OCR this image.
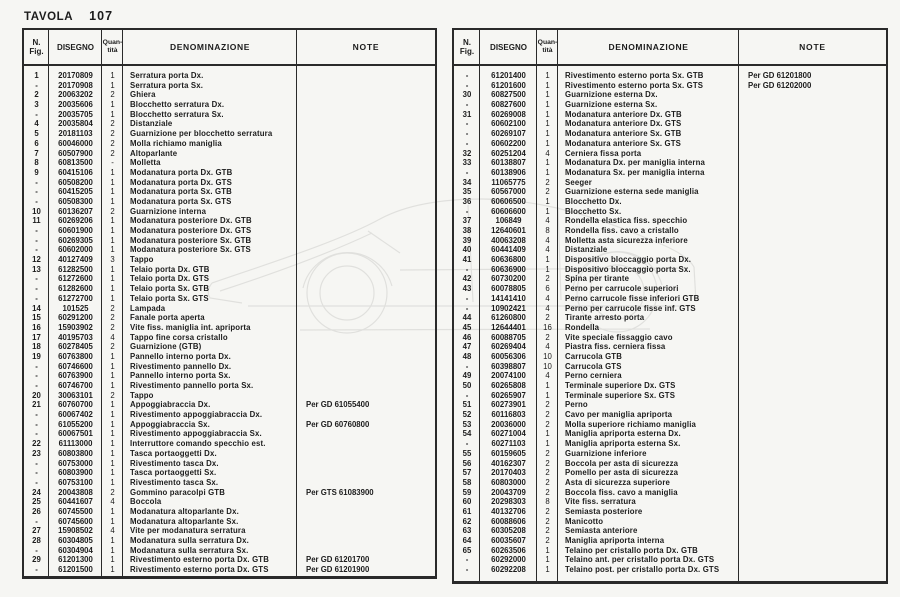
TAVOLA 107
N.
Fig.	DISEGNO	Quan-
tità	DENOMINAZIONE	NOTE
1	20170809	1	Serratura porta Dx.
-	20170908	1	Serratura porta Sx.
2	20063202	2	Ghiera
3	20035606	1	Blocchetto serratura Dx.
-	20035705	1	Blocchetto serratura Sx.
4	20035804	2	Distanziale
5	20181103	2	Guarnizione per blocchetto serratura
6	60046000	2	Molla richiamo maniglia
7	60507900	2	Altoparlante
8	60813500	-	Molletta
9	60415106	1	Modanatura porta Dx. GTB
-	60508200	1	Modanatura porta Dx. GTS
-	60415205	1	Modanatura porta Sx. GTB
-	60508300	1	Modanatura porta Sx. GTS
10	60136207	2	Guarnizione interna
11	60269206	1	Modanatura posteriore Dx. GTB
-	60601900	1	Modanatura posteriore Dx. GTS
-	60269305	1	Modanatura posteriore Sx. GTB
-	60602000	1	Modanatura posteriore Sx. GTS
12	40127409	3	Tappo
13	61282500	1	Telaio porta Dx. GTB
-	61272600	1	Telaio porta Dx. GTS
-	61282600	1	Telaio porta Sx. GTB
-	61272700	1	Telaio porta Sx. GTS
14	101525	2	Lampada
15	60291200	2	Fanale porta aperta
16	15903902	2	Vite fiss. maniglia int. apriporta
17	40195703	4	Tappo fine corsa cristallo
18	60278405	2	Guarnizione (GTB)
19	60763800	1	Pannello interno porta Dx.
-	60746600	1	Rivestimento pannello Dx.
-	60763900	1	Pannello interno porta Sx.
-	60746700	1	Rivestimento pannello porta Sx.
20	30063101	2	Tappo
21	60760700	1	Appoggiabraccia Dx.	Per GD 61055400
-	60067402	1	Rivestimento appoggiabraccia Dx.
-	61055200	1	Appoggiabraccia Sx.	Per GD 60760800
-	60067501	1	Rivestimento appoggiabraccia Sx.
22	61113000	1	Interruttore comando specchio est.
23	60803800	1	Tasca portaoggetti Dx.
-	60753000	1	Rivestimento tasca Dx.
-	60803900	1	Tasca portaoggetti Sx.
-	60753100	1	Rivestimento tasca Sx.
24	20043808	2	Gommino paracolpi GTB	Per GTS 61083900
25	60441607	4	Boccola
26	60745500	1	Modanatura altoparlante Dx.
-	60745600	1	Modanatura altoparlante Sx.
27	15908502	4	Vite per modanatura serratura
28	60304805	1	Modanatura sulla serratura Dx.
-	60304904	1	Modanatura sulla serratura Sx.
29	61201300	1	Rivestimento esterno porta Dx. GTB	Per GD 61201700
-	61201500	1	Rivestimento esterno porta Dx. GTS	Per GD 61201900
N.
Fig.	DISEGNO	Quan-
tità	DENOMINAZIONE	NOTE
-	61201400	1	Rivestimento esterno porta Sx. GTB	Per GD 61201800
-	61201600	1	Rivestimento esterno porta Sx. GTS	Per GD 61202000
30	60827500	1	Guarnizione esterna Dx.
-	60827600	1	Guarnizione esterna Sx.
31	60269008	1	Modanatura anteriore Dx. GTB
-	60602100	1	Modanatura anteriore Dx. GTS
-	60269107	1	Modanatura anteriore Sx. GTB
-	60602200	1	Modanatura anteriore Sx. GTS
32	60251204	4	Cerniera fissa porta
33	60138807	1	Modanatura Dx. per maniglia interna
-	60138906	1	Modanatura Sx. per maniglia interna
34	11065775	2	Seeger
35	60567000	2	Guarnizione esterna sede maniglia
36	60606500	1	Blocchetto Dx.
-	60606600	1	Blocchetto Sx.
37	106849	4	Rondella elastica fiss. specchio
38	12640601	8	Rondella fiss. cavo a cristallo
39	40063208	4	Molletta asta sicurezza inferiore
40	60441409	4	Distanziale
41	60636800	1	Dispositivo bloccaggio porta Dx.
-	60636900	1	Dispositivo bloccaggio porta Sx.
42	60730200	2	Spina per tirante
43	60078805	6	Perno per carrucole superiori
-	14141410	4	Perno carrucole fisse inferiori GTB
-	10902421	4	Perno per carrucole fisse inf. GTS
44	61260800	2	Tirante arresto porta
45	12644401	16	Rondella
46	60088705	2	Vite speciale fissaggio cavo
47	60269404	4	Piastra fiss. cerniera fissa
48	60056306	10	Carrucola GTB
-	60398807	10	Carrucola GTS
49	20074100	4	Perno cerniera
50	60265808	1	Terminale superiore Dx. GTS
-	60265907	1	Terminale superiore Sx. GTS
51	60273901	2	Perno
52	60116803	2	Cavo per maniglia apriporta
53	20036000	2	Molla superiore richiamo maniglia
54	60271004	1	Maniglia apriporta esterna Dx.
-	60271103	1	Maniglia apriporta esterna Sx.
55	60159605	2	Guarnizione inferiore
56	40162307	2	Boccola per asta di sicurezza
57	20170403	2	Pomello per asta di sicurezza
58	60803000	2	Asta di sicurezza superiore
59	20043709	2	Boccola fiss. cavo a maniglia
60	20298303	8	Vite fiss. serratura
61	40132706	2	Semiasta posteriore
62	60088606	2	Manicotto
63	60305208	2	Semiasta anteriore
64	60035607	2	Maniglia apriporta interna
65	60263506	1	Telaino per cristallo porta Dx. GTB
-	60292000	1	Telaino ant. per cristallo porta Dx. GTS
-	60292208	1	Telaino post. per cristallo porta Dx. GTS
